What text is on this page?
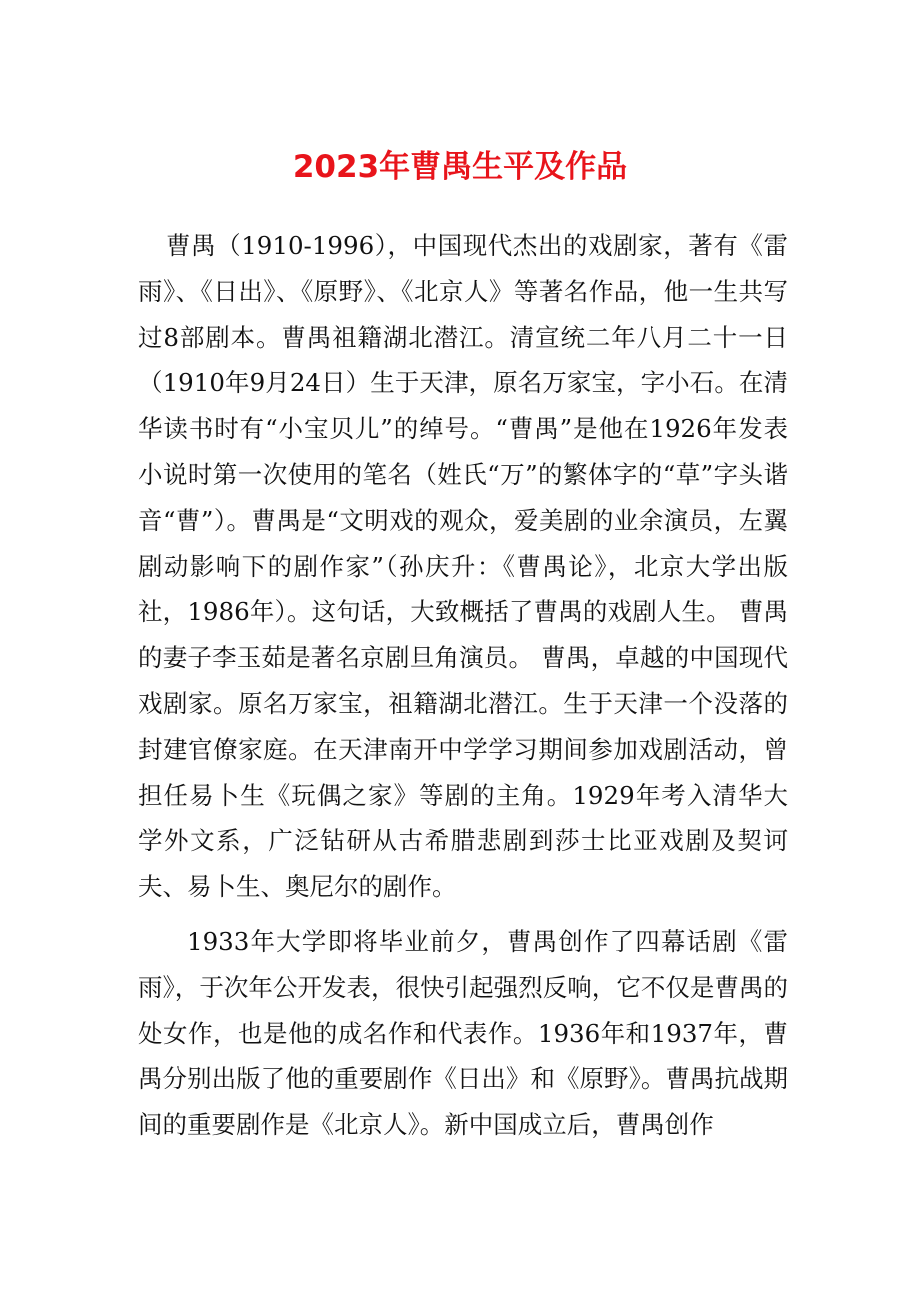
2023年曹禺生平及作品

曹禺（1910-1996），中国现代杰出的戏剧家，著有《雷雨》、《日出》、《原野》、《北京人》等著名作品，他一生共写过8部剧本。曹禺祖籍湖北潜江。清宣统二年八月二十一日（1910年9月24日）生于天津，原名万家宝，字小石。在清华读书时有“小宝贝儿”的绰号。“曹禺”是他在1926年发表小说时第一次使用的笔名（姓氏“万”的繁体字的“草”字头谐音“曹”）。曹禺是“文明戏的观众，爱美剧的业余演员，左翼剧动影响下的剧作家”（孙庆升：《曹禺论》，北京大学出版社，1986年）。这句话，大致概括了曹禺的戏剧人生。 曹禺的妻子李玉茹是著名京剧旦角演员。 曹禺，卓越的中国现代戏剧家。原名万家宝，祖籍湖北潜江。生于天津一个没落的封建官僚家庭。在天津南开中学学习期间参加戏剧活动，曾担任易卜生《玩偶之家》等剧的主角。1929年考入清华大学外文系，广泛钻研从古希腊悲剧到莎士比亚戏剧及契诃夫、易卜生、奥尼尔的剧作。

1933年大学即将毕业前夕，曹禺创作了四幕话剧《雷雨》，于次年公开发表，很快引起强烈反响，它不仅是曹禺的处女作，也是他的成名作和代表作。1936年和1937年，曹禺分别出版了他的重要剧作《日出》和《原野》。曹禺抗战期间的重要剧作是《北京人》。新中国成立后，曹禺创作
